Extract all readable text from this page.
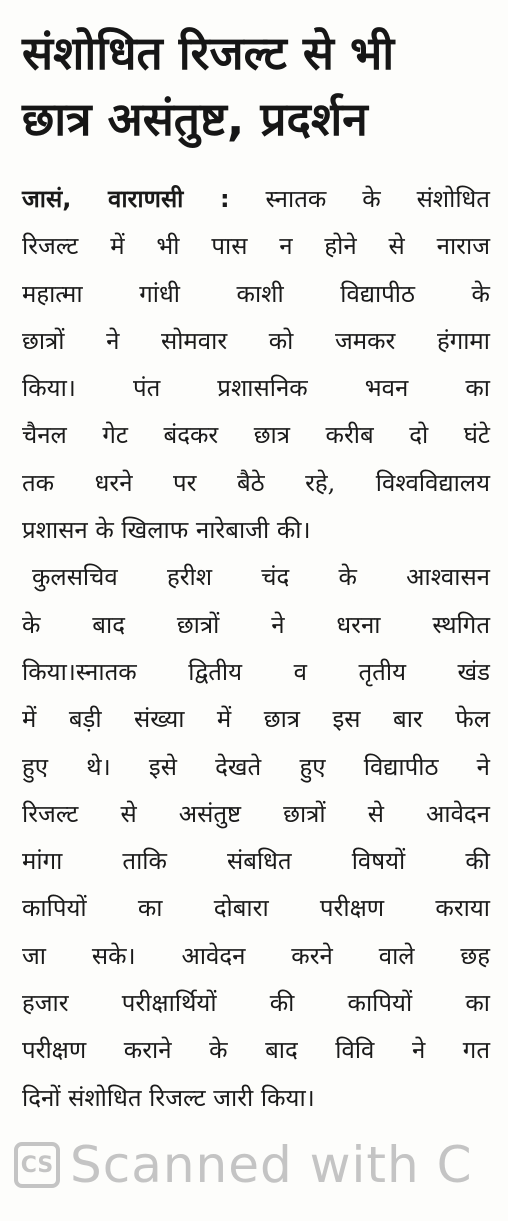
संशोधित रिजल्ट से भी
छात्र असंतुष्ट, प्रदर्शन
जासं, वाराणसी : स्नातक के संशोधित
रिजल्ट में भी पास न होने से नाराज
महात्मा गांधी काशी विद्यापीठ के
छात्रों ने सोमवार को जमकर हंगामा
किया। पंत प्रशासनिक भवन का
चैनल गेट बंदकर छात्र करीब दो घंटे
तक धरने पर बैठे रहे, विश्वविद्यालय
प्रशासन के खिलाफ नारेबाजी की।
कुलसचिव हरीश चंद के आश्वासन
के बाद छात्रों ने धरना स्थगित
किया।स्नातक द्वितीय व तृतीय खंड
में बड़ी संख्या में छात्र इस बार फेल
हुए थे। इसे देखते हुए विद्यापीठ ने
रिजल्ट से असंतुष्ट छात्रों से आवेदन
मांगा ताकि संबधित विषयों की
कापियों का दोबारा परीक्षण कराया
जा सके। आवेदन करने वाले छह
हजार परीक्षार्थियों की कापियों का
परीक्षण कराने के बाद विवि ने गत
दिनों संशोधित रिजल्ट जारी किया।
CS Scanned with C
